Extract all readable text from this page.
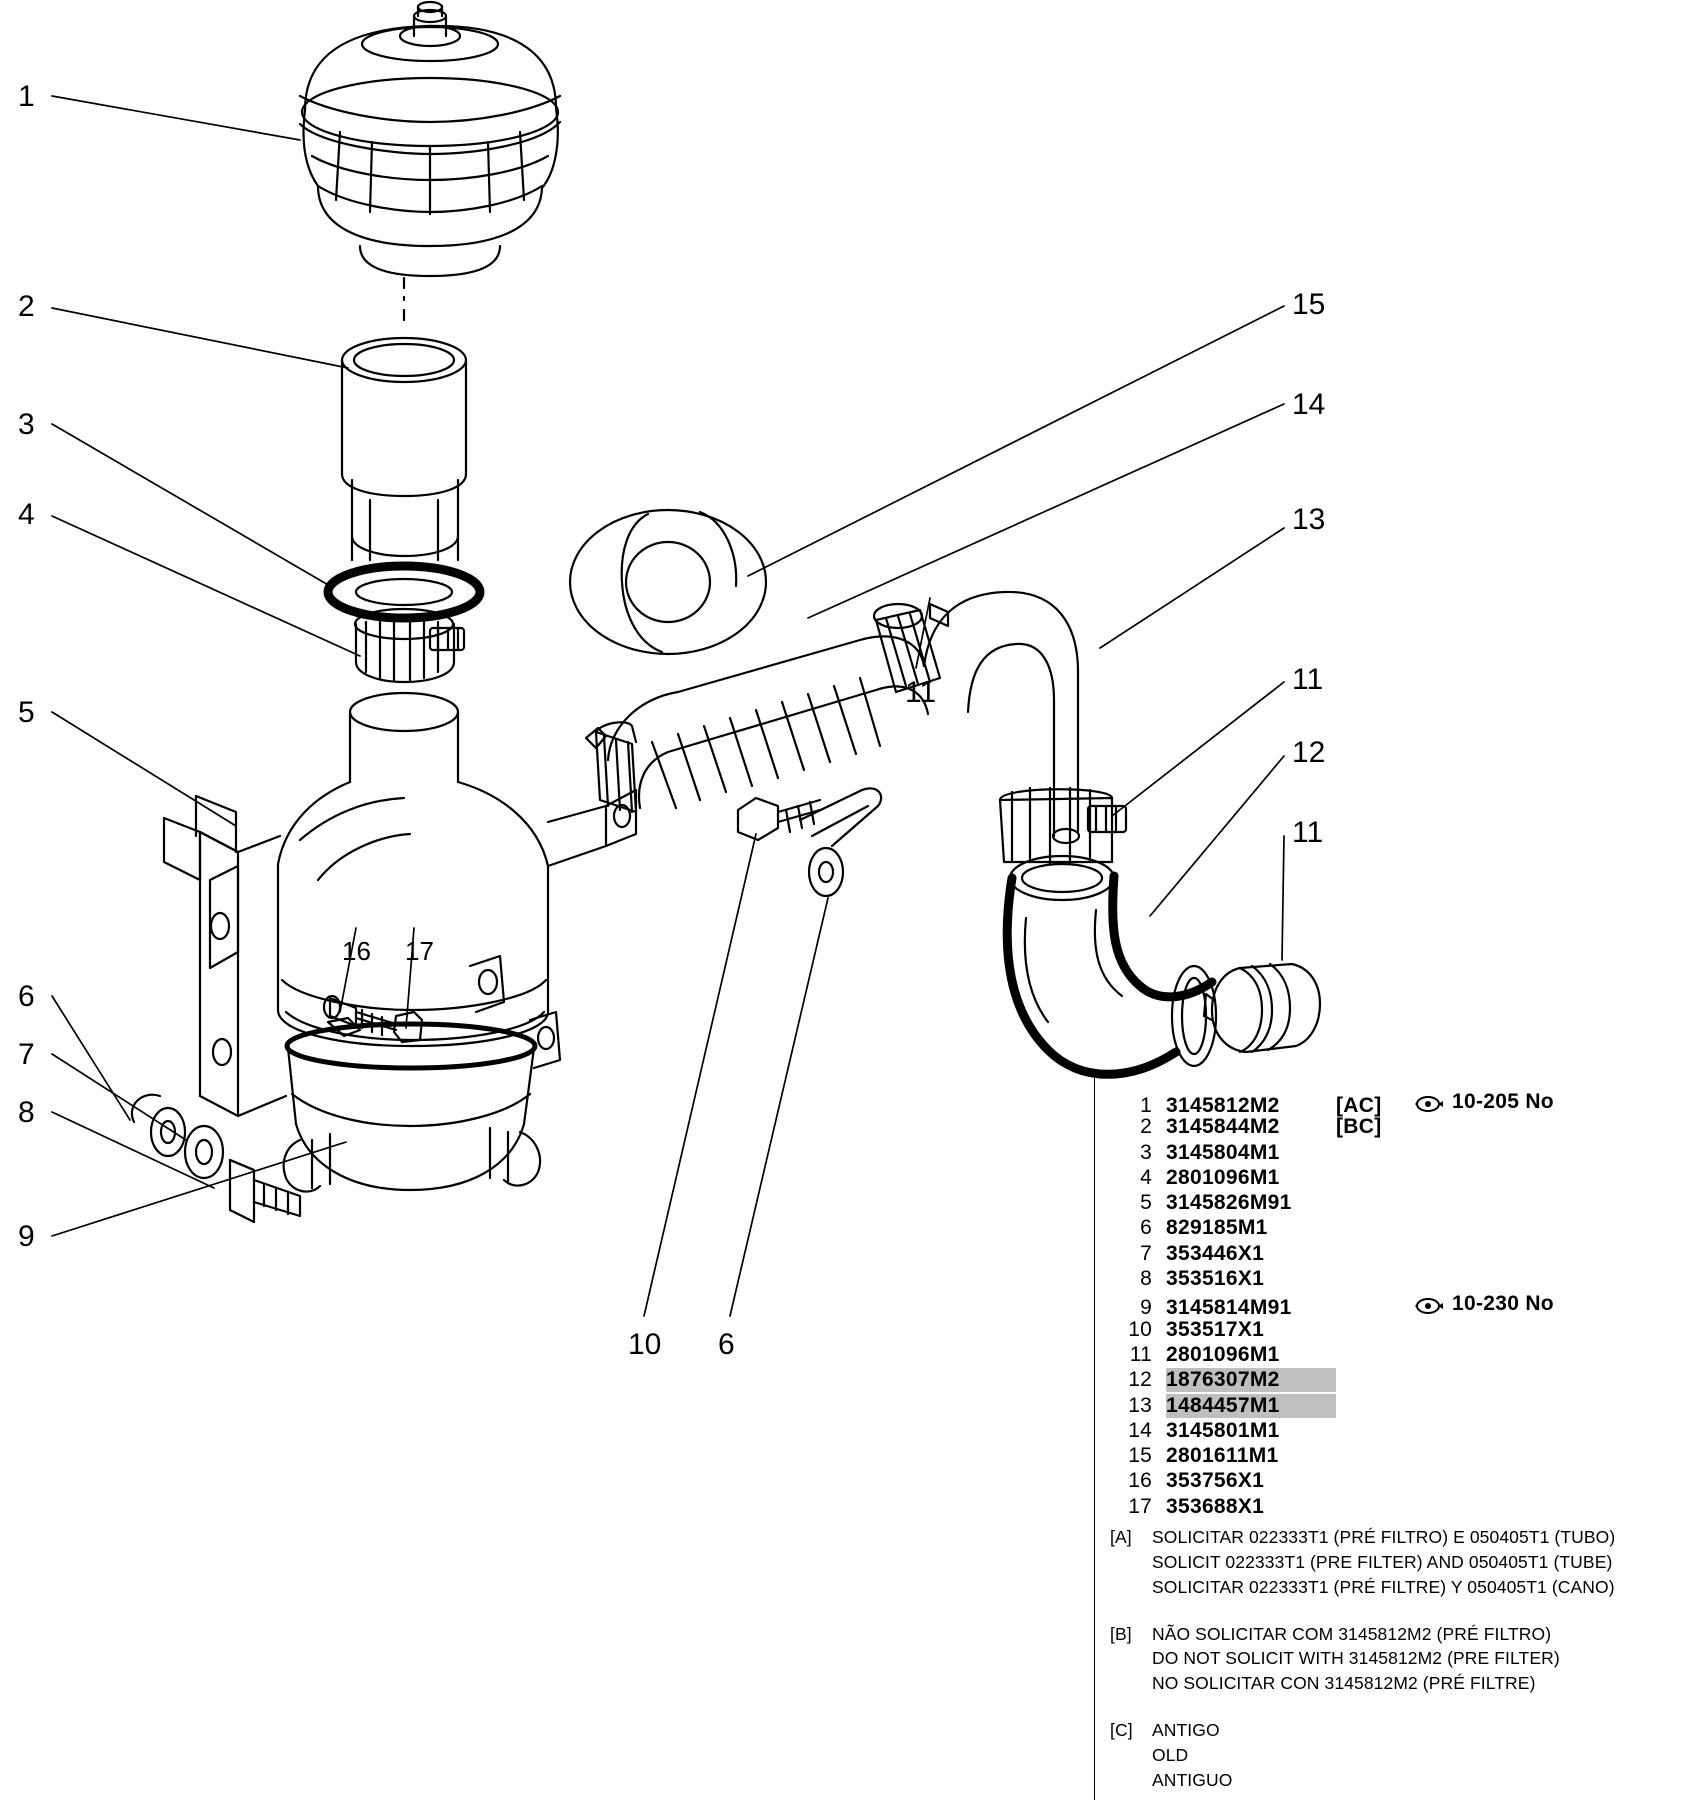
1
2
3
4
5
6
7
8
9
10 6
16 17
11
15
14
13
11
12
11
1 3145812M2	[AC]	10-205 No
2 3145844M2	[BC]
3 3145804M1
4 2801096M1
5 3145826M91
6 829185M1
7 353446X1
8 353516X1
9 3145814M91	10-230 No
10 353517X1
11 2801096M1
12 1876307M2
13 1484457M1
14 3145801M1
15 2801611M1
16 353756X1
17 353688X1
[A]	SOLICITAR 022333T1 (PRÉ FILTRO) E 050405T1 (TUBO)
SOLICIT 022333T1 (PRE FILTER) AND 050405T1 (TUBE)
SOLICITAR 022333T1 (PRÉ FILTRE) Y 050405T1 (CANO)
[B]	NÃO SOLICITAR COM 3145812M2 (PRÉ FILTRO)
DO NOT SOLICIT WITH 3145812M2 (PRE FILTER)
NO SOLICITAR CON 3145812M2 (PRÉ FILTRE)
[C]	ANTIGO
OLD
ANTIGUO
